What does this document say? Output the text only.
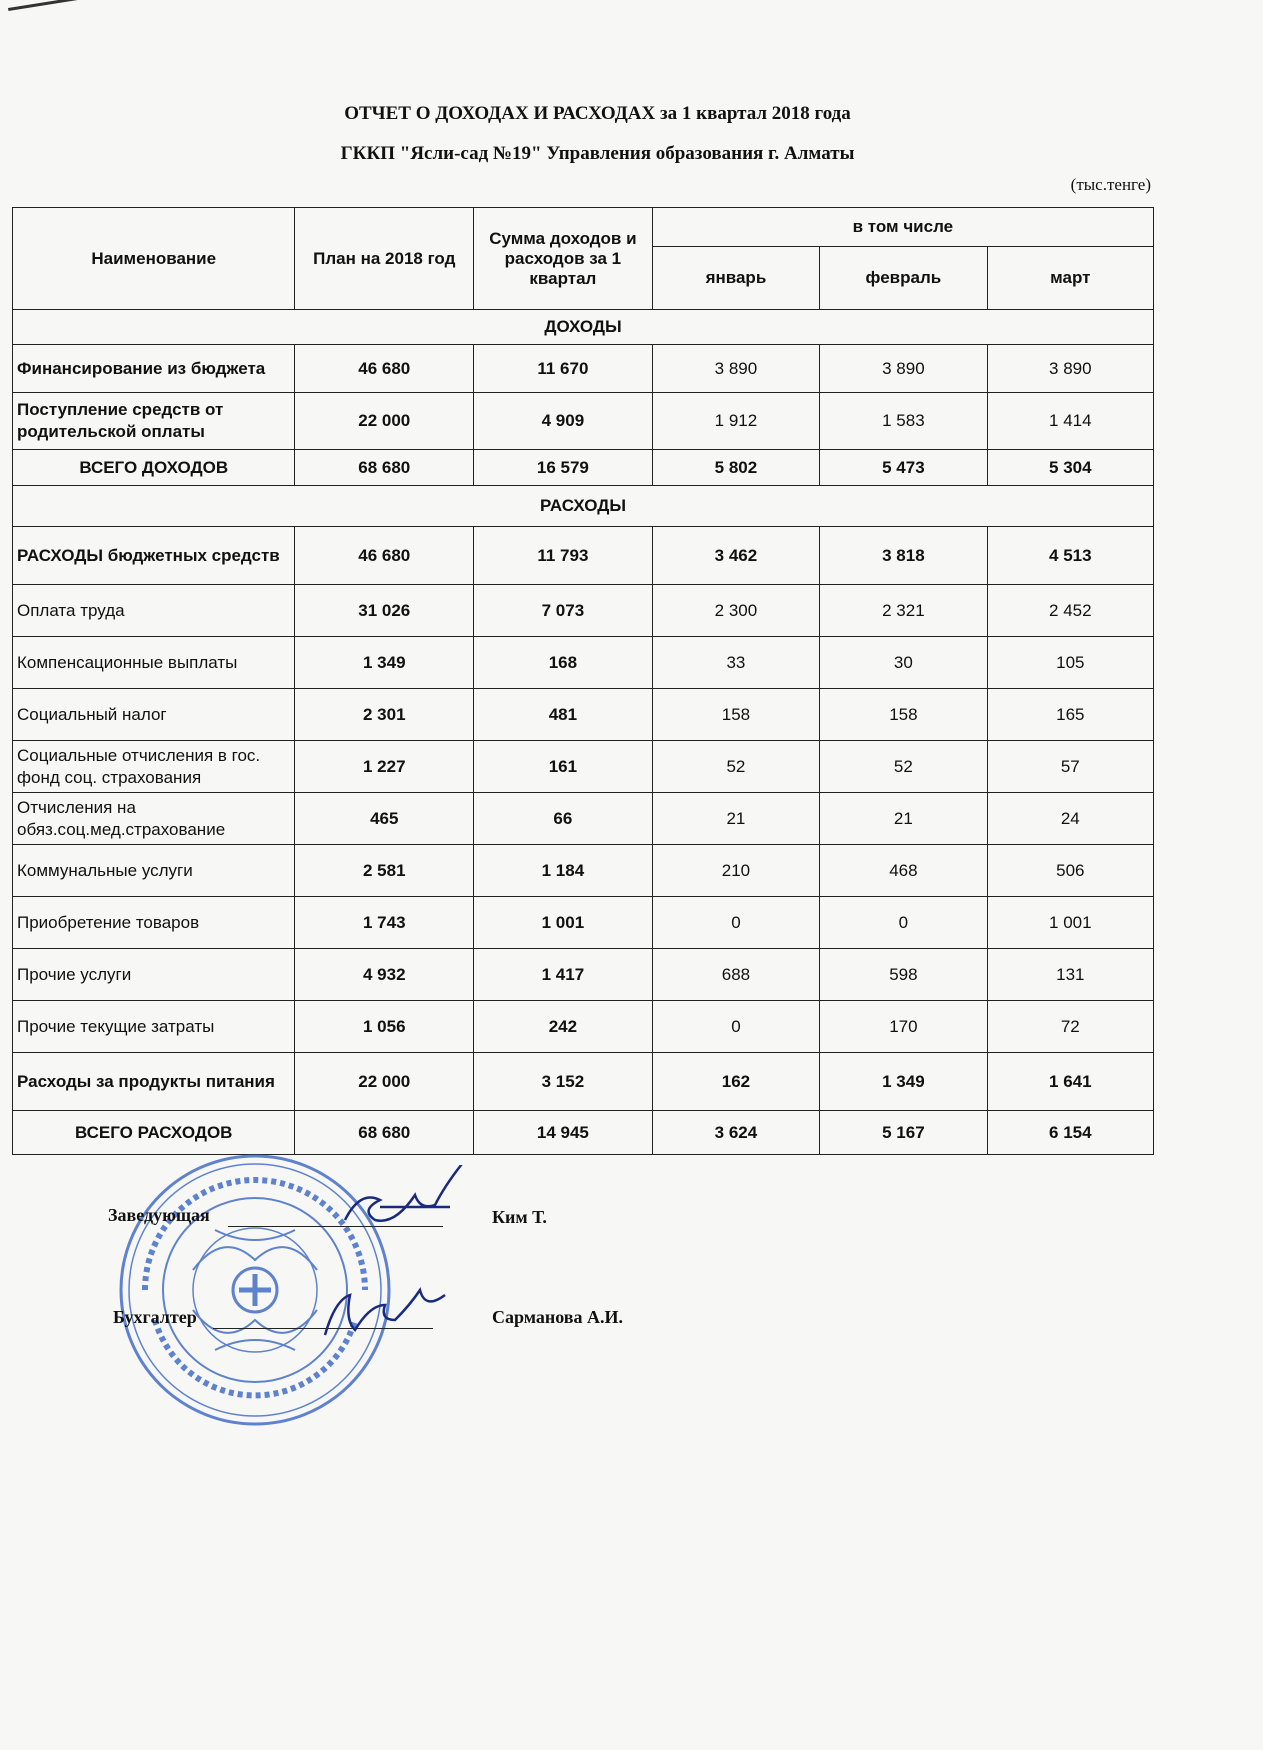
ОТЧЕТ О ДОХОДАХ И РАСХОДАХ за 1 квартал 2018 года
ГККП "Ясли-сад №19" Управления образования г. Алматы
(тыс.тенге)
Наименование	План на 2018 год	Сумма доходов и расходов за 1 квартал	в том числе		
			январь	февраль	март
ДОХОДЫ					
Финансирование из бюджета	46 680	11 670	3 890	3 890	3 890
Поступление средств от родительской оплаты	22 000	4 909	1 912	1 583	1 414
ВСЕГО ДОХОДОВ	68 680	16 579	5 802	5 473	5 304
РАСХОДЫ					
РАСХОДЫ бюджетных средств	46 680	11 793	3 462	3 818	4 513
Оплата труда	31 026	7 073	2 300	2 321	2 452
Компенсационные выплаты	1 349	168	33	30	105
Социальный налог	2 301	481	158	158	165
Социальные отчисления в гос. фонд соц. страхования	1 227	161	52	52	57
Отчисления на обяз.соц.мед.страхование	465	66	21	21	24
Коммунальные услуги	2 581	1 184	210	468	506
Приобретение товаров	1 743	1 001	0	0	1 001
Прочие услуги	4 932	1 417	688	598	131
Прочие текущие затраты	1 056	242	0	170	72
Расходы за продукты питания	22 000	3 152	162	1 349	1 641
ВСЕГО РАСХОДОВ	68 680	14 945	3 624	5 167	6 154
Заведующая	Ким Т.
Бухгалтер	Сарманова А.И.
